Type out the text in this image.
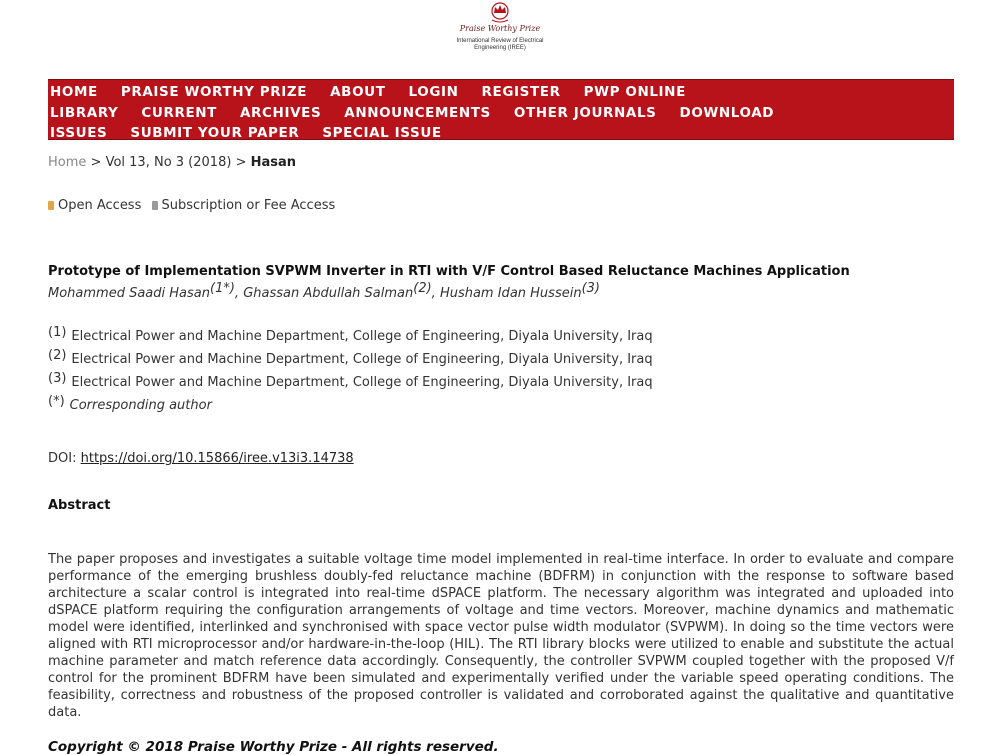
Praise Worthy Prize
International Review of Electrical Engineering (IREE)
HOME PRAISE WORTHY PRIZE ABOUT LOGIN REGISTER PWP ONLINE LIBRARY CURRENT ARCHIVES ANNOUNCEMENTS OTHER JOURNALS DOWNLOAD ISSUES SUBMIT YOUR PAPER SPECIAL ISSUE
Home > Vol 13, No 3 (2018) > Hasan
Open Access Subscription or Fee Access
Prototype of Implementation SVPWM Inverter in RTI with V/F Control Based Reluctance Machines Application
Mohammed Saadi Hasan$^{(1*)}$, Ghassan Abdullah Salman$^{(2)}$, Husham Idan Hussein$^{(3)}$
(1) Electrical Power and Machine Department, College of Engineering, Diyala University, Iraq
(2) Electrical Power and Machine Department, College of Engineering, Diyala University, Iraq
(3) Electrical Power and Machine Department, College of Engineering, Diyala University, Iraq
(*) Corresponding author
DOI: https://doi.org/10.15866/iree.v13i3.14738
Abstract

The paper proposes and investigates a suitable voltage time model implemented in real-time interface. In order to evaluate and compare performance of the emerging brushless doubly-fed reluctance machine (BDFRM) in conjunction with the response to software based architecture a scalar control is integrated into real-time dSPACE platform. The necessary algorithm was integrated and uploaded into dSPACE platform requiring the configuration arrangements of voltage and time vectors. Moreover, machine dynamics and mathematic model were identified, interlinked and synchronised with space vector pulse width modulator (SVPWM). In doing so the time vectors were aligned with RTI microprocessor and/or hardware-in-the-loop (HIL). The RTI library blocks were utilized to enable and substitute the actual machine parameter and match reference data accordingly. Consequently, the controller SVPWM coupled together with the proposed V/f control for the prominent BDFRM have been simulated and experimentally verified under the variable speed operating conditions. The feasibility, correctness and robustness of the proposed controller is validated and corroborated against the qualitative and quantitative data.

Copyright © 2018 Praise Worthy Prize - All rights reserved.
